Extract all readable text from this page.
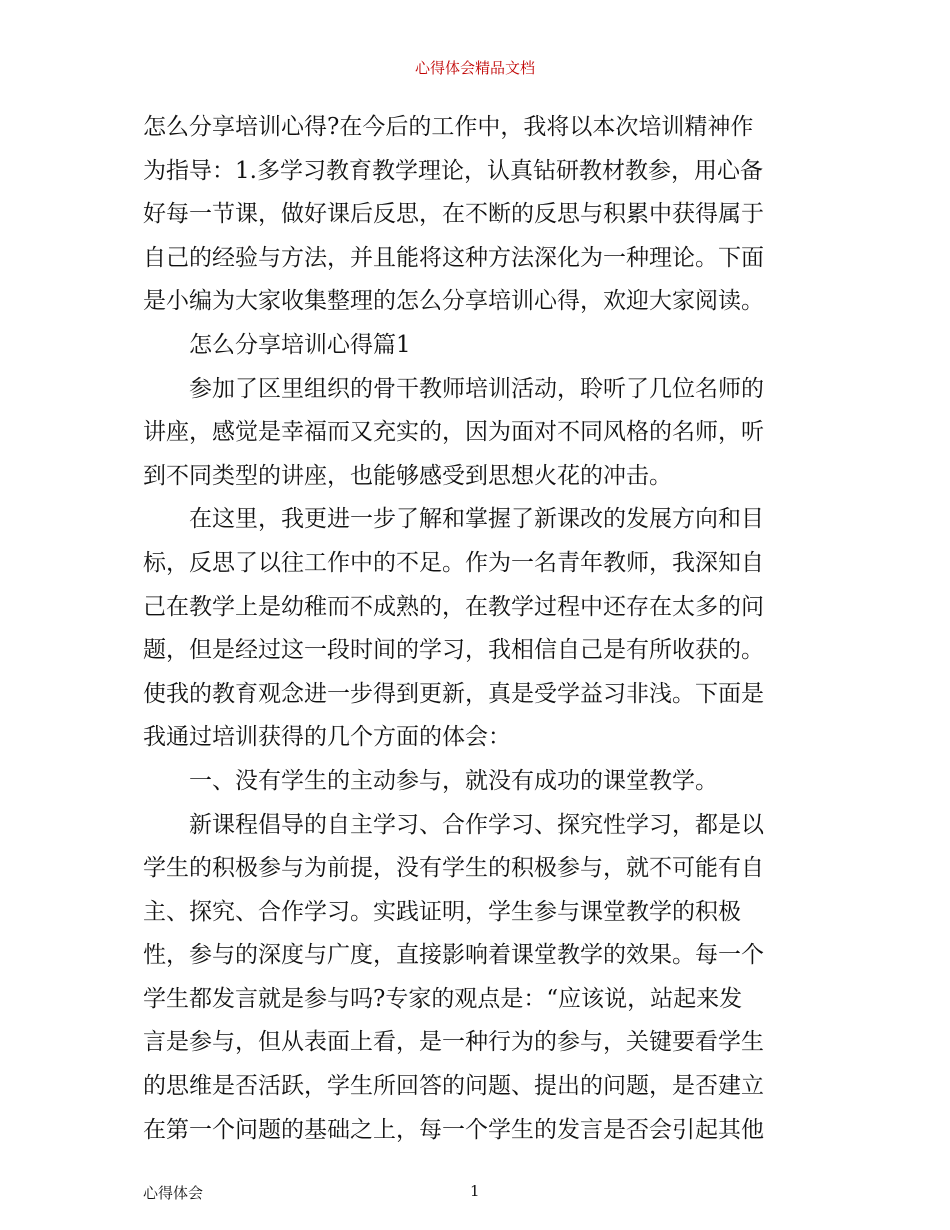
心得体会精品文档
怎么分享培训心得?在今后的工作中，我将以本次培训精神作
为指导：1.多学习教育教学理论，认真钻研教材教参，用心备
好每一节课，做好课后反思，在不断的反思与积累中获得属于
自己的经验与方法，并且能将这种方法深化为一种理论。下面
是小编为大家收集整理的怎么分享培训心得，欢迎大家阅读。
　　怎么分享培训心得篇1
　　参加了区里组织的骨干教师培训活动，聆听了几位名师的
讲座，感觉是幸福而又充实的，因为面对不同风格的名师，听
到不同类型的讲座，也能够感受到思想火花的冲击。
　　在这里，我更进一步了解和掌握了新课改的发展方向和目
标，反思了以往工作中的不足。作为一名青年教师，我深知自
己在教学上是幼稚而不成熟的，在教学过程中还存在太多的问
题，但是经过这一段时间的学习，我相信自己是有所收获的。
使我的教育观念进一步得到更新，真是受学益习非浅。下面是
我通过培训获得的几个方面的体会：
　　一、没有学生的主动参与，就没有成功的课堂教学。
　　新课程倡导的自主学习、合作学习、探究性学习，都是以
学生的积极参与为前提，没有学生的积极参与，就不可能有自
主、探究、合作学习。实践证明，学生参与课堂教学的积极
性，参与的深度与广度，直接影响着课堂教学的效果。每一个
学生都发言就是参与吗?专家的观点是：“应该说，站起来发
言是参与，但从表面上看，是一种行为的参与，关键要看学生
的思维是否活跃，学生所回答的问题、提出的问题，是否建立
在第一个问题的基础之上，每一个学生的发言是否会引起其他
心得体会	1
